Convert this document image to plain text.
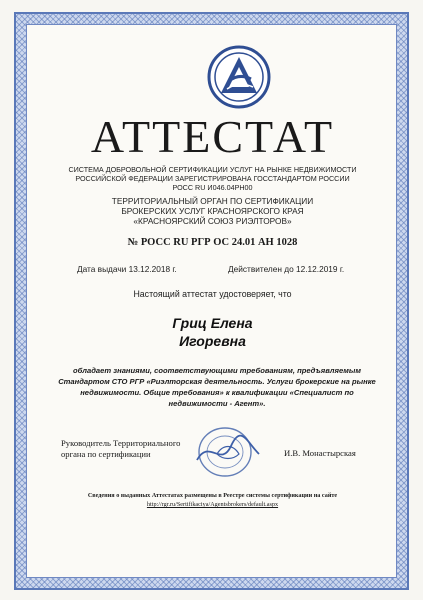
АТТЕСТАТ
СИСТЕМА ДОБРОВОЛЬНОЙ СЕРТИФИКАЦИИ УСЛУГ НА РЫНКЕ НЕДВИЖИМОСТИ
РОССИЙСКОЙ ФЕДЕРАЦИИ ЗАРЕГИСТРИРОВАНА ГОССТАНДАРТОМ РОССИИ
РОСС RU И046.04РН00
ТЕРРИТОРИАЛЬНЫЙ ОРГАН ПО СЕРТИФИКАЦИИ
БРОКЕРСКИХ УСЛУГ КРАСНОЯРСКОГО КРАЯ
«КРАСНОЯРСКИЙ СОЮЗ РИЭЛТОРОВ»
№ РОСС RU РГР ОС 24.01 АН 1028
Дата выдачи 13.12.2018 г.	Действителен до 12.12.2019 г.
Настоящий аттестат удостоверяет, что
Гриц Елена
Игоревна
обладает знаниями, соответствующими требованиям, предъявляемым Стандартом СТО РГР «Риэлторская деятельность. Услуги брокерские на рынке недвижимости. Общие требования» к квалификации «Специалист по недвижимости - Агент».
Руководитель Территориального
органа по сертификации	И.В. Монастырская
Сведения о выданных Аттестатах размещены в Реестре системы сертификации на сайте
http://rgr.ru/Sertifikaciya/Agentsbrokers/default.aspx
